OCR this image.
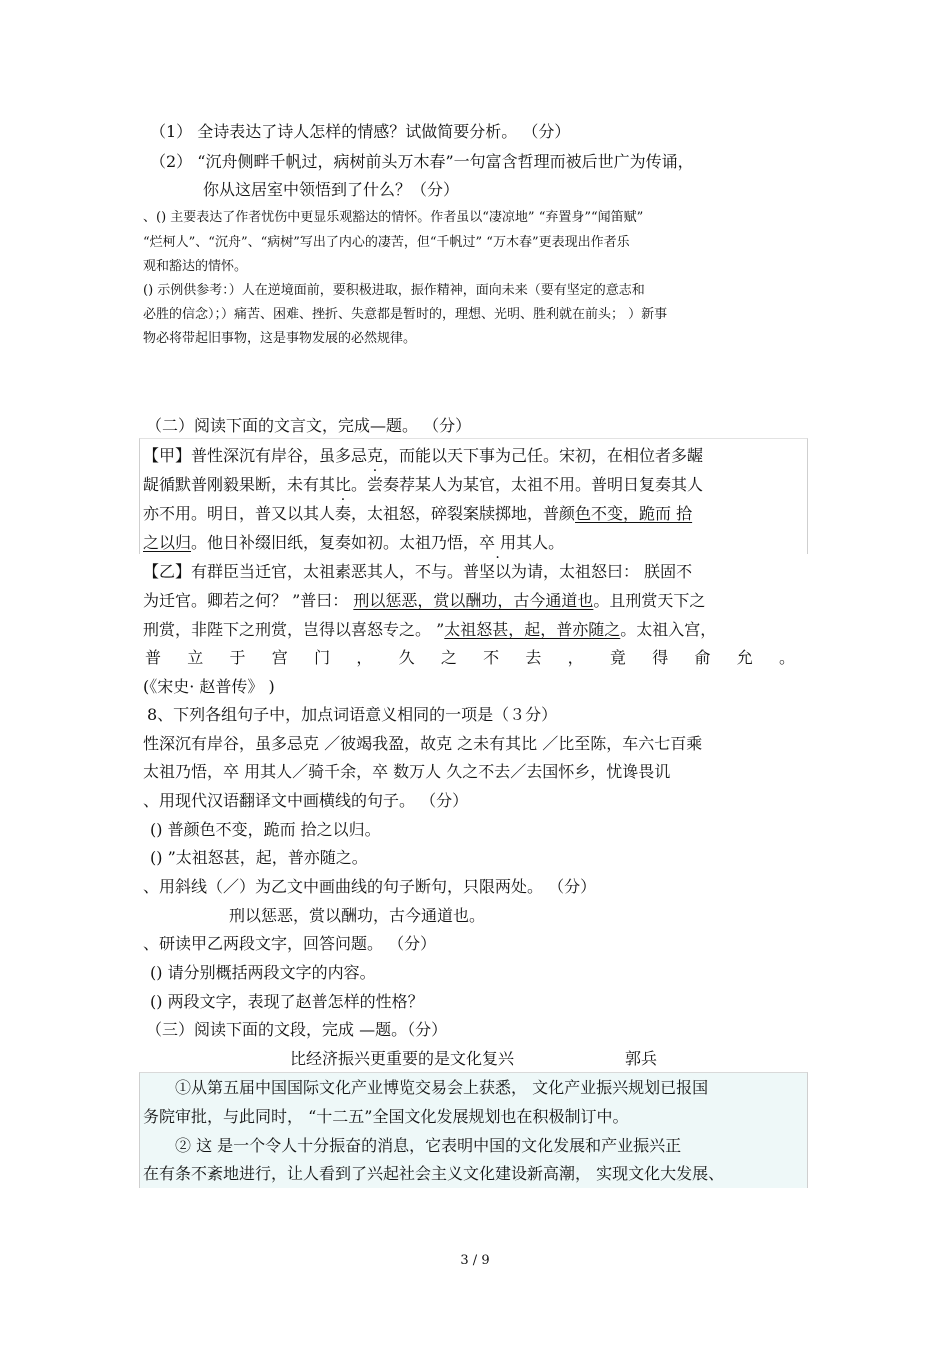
（1） 全诗表达了诗人怎样的情感？试做简要分析。 （分）
（2） “沉舟侧畔千帆过，病树前头万木春”一句富含哲理而被后世广为传诵，
你从这居室中领悟到了什么？（分）
、() 主要表达了作者忧伤中更显乐观豁达的情怀。作者虽以“凄凉地” “弃置身”“闻笛赋”
“烂柯人”、“沉舟”、“病树”写出了内心的凄苦，但“千帆过” “万木春”更表现出作者乐
观和豁达的情怀。
() 示例供参考：）人在逆境面前，要积极进取，振作精神，面向未来（要有坚定的意志和
必胜的信念）；）痛苦、困难、挫折、失意都是暂时的，理想、光明、胜利就在前头； ）新事
物必将带起旧事物，这是事物发展的必然规律。
（二）阅读下面的文言文，完成—题。 （分）
【甲】普性深沉有岸谷，虽多忌克，而能以天下事为己任。宋初，在相位者多龌
龊循默普刚毅果断，未有其比。尝奏荐某人为某官，太祖不用。普明日复奏其人
亦不用。明日，普又以其人奏，太祖怒，碎裂案牍掷地，普颜色不变，跪而 拾
之以归。他日补缀旧纸，复奏如初。太祖乃悟，卒 · 用其人。
【乙】有群臣当迁官，太祖素恶其人，不与。普坚以为请，太祖怒曰： 朕固不
为迁官。卿若之何？ ”普曰： 刑以惩恶，赏以酬功，古今通道也。且刑赏天下之
刑赏，非陛下之刑赏，岂得以喜怒专之。 ”太祖怒甚，起，普亦随之。太祖入宫，
普 立 于 宫 门 ， 久 之 不 去 ， 竟 得 俞 允 。
(《宋史· 赵普传》 )
8、下列各组句子中，加点词语意义相同的一项是（３分）
性深沉有岸谷，虽多忌克 ／彼竭我盈，故克 之未有其比 ／比至陈，车六七百乘
太祖乃悟，卒 用其人／骑千余，卒 数万人 久之不去／去国怀乡，忧谗畏讥
、用现代汉语翻译文中画横线的句子。 （分）
() 普颜色不变，跪而 拾之以归。
() ”太祖怒甚，起，普亦随之。
、用斜线（／）为乙文中画曲线的句子断句，只限两处。 （分）
刑以惩恶，赏以酬功，古今通道也。
、研读甲乙两段文字，回答问题。 （分）
() 请分别概括两段文字的内容。
() 两段文字，表现了赵普怎样的性格？
（三）阅读下面的文段，完成 —题。（分）
比经济振兴更重要的是文化复兴	郭兵
①从第五届中国国际文化产业博览交易会上获悉， 文化产业振兴规划已报国
务院审批，与此同时， “十二五”全国文化发展规划也在积极制订中。
② 这 是一个令人十分振奋的消息，它表明中国的文化发展和产业振兴正
在有条不紊地进行，让人看到了兴起社会主义文化建设新高潮， 实现文化大发展、
3 / 9
